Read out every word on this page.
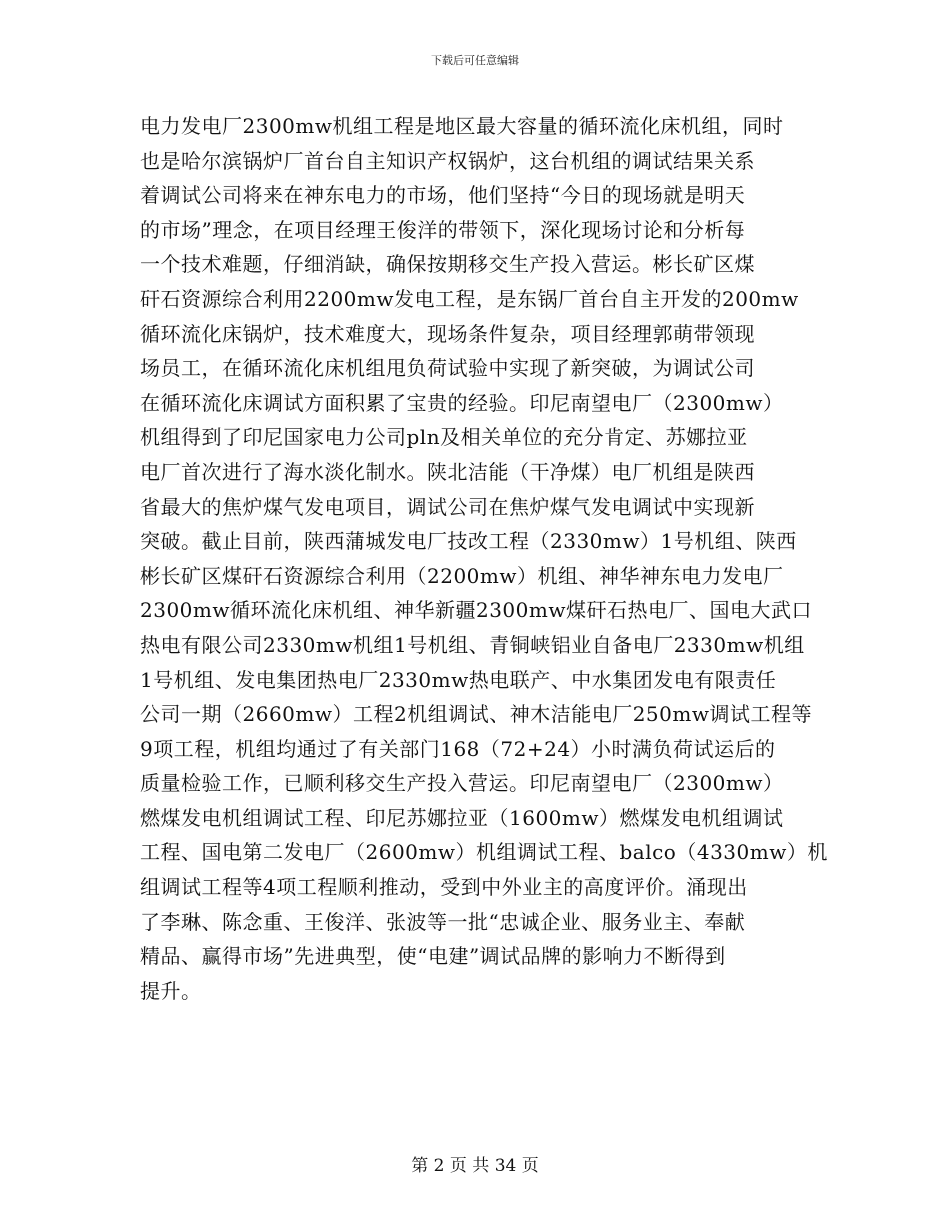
下载后可任意编辑
电力发电厂2300mw机组工程是地区最大容量的循环流化床机组，同时
也是哈尔滨锅炉厂首台自主知识产权锅炉，这台机组的调试结果关系
着调试公司将来在神东电力的市场，他们坚持“今日的现场就是明天
的市场”理念，在项目经理王俊洋的带领下，深化现场讨论和分析每
一个技术难题，仔细消缺，确保按期移交生产投入营运。彬长矿区煤
矸石资源综合利用2200mw发电工程，是东锅厂首台自主开发的200mw
循环流化床锅炉，技术难度大，现场条件复杂，项目经理郭萌带领现
场员工，在循环流化床机组甩负荷试验中实现了新突破，为调试公司
在循环流化床调试方面积累了宝贵的经验。印尼南望电厂（2300mw）
机组得到了印尼国家电力公司pln及相关单位的充分肯定、苏娜拉亚
电厂首次进行了海水淡化制水。陕北洁能（干净煤）电厂机组是陕西
省最大的焦炉煤气发电项目，调试公司在焦炉煤气发电调试中实现新
突破。截止目前，陕西蒲城发电厂技改工程（2330mw）1号机组、陕西
彬长矿区煤矸石资源综合利用（2200mw）机组、神华神东电力发电厂
2300mw循环流化床机组、神华新疆2300mw煤矸石热电厂、国电大武口
热电有限公司2330mw机组1号机组、青铜峡铝业自备电厂2330mw机组
1号机组、发电集团热电厂2330mw热电联产、中水集团发电有限责任
公司一期（2660mw）工程2机组调试、神木洁能电厂250mw调试工程等
9项工程，机组均通过了有关部门168（72+24）小时满负荷试运后的
质量检验工作，已顺利移交生产投入营运。印尼南望电厂（2300mw）
燃煤发电机组调试工程、印尼苏娜拉亚（1600mw）燃煤发电机组调试
工程、国电第二发电厂（2600mw）机组调试工程、balco（4330mw）机
组调试工程等4项工程顺利推动，受到中外业主的高度评价。涌现出
了李琳、陈念重、王俊洋、张波等一批“忠诚企业、服务业主、奉献
精品、赢得市场”先进典型，使“电建”调试品牌的影响力不断得到
提升。
第 2 页 共 34 页
